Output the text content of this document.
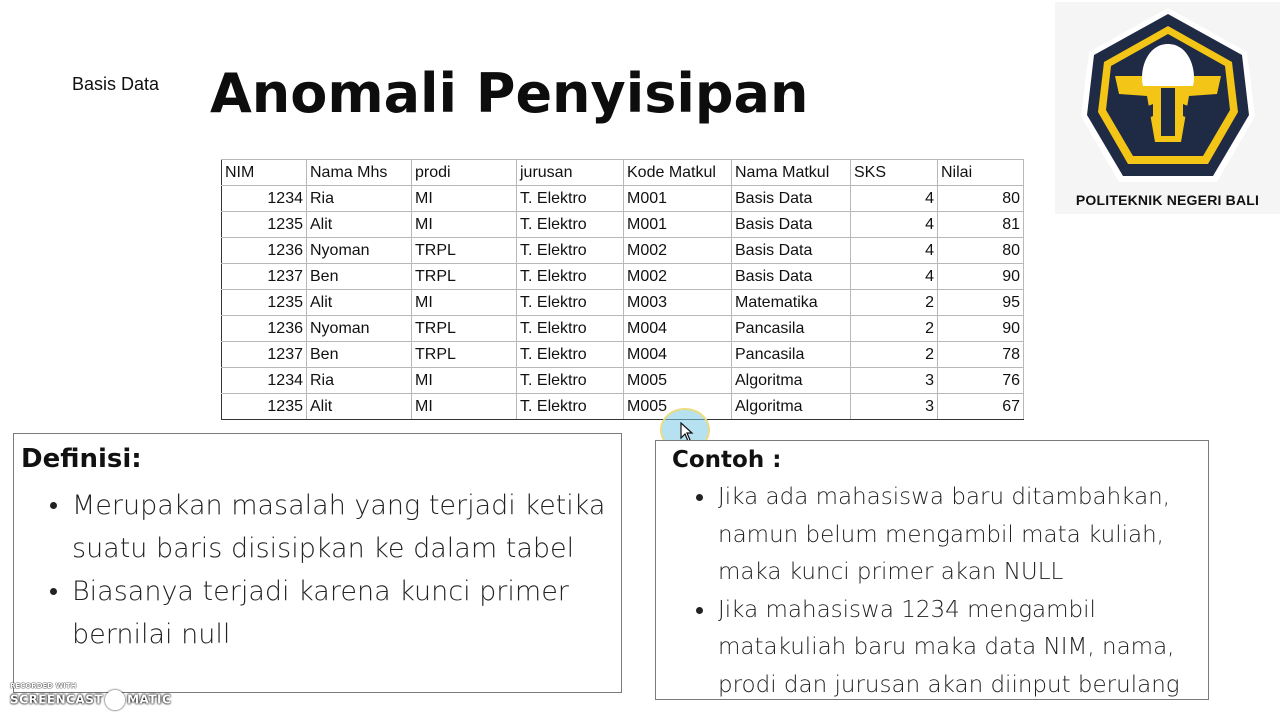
Basis Data Anomali Penyisipan
POLITEKNIK NEGERI BALI
NIM	Nama Mhs	prodi	jurusan	Kode Matkul	Nama Matkul	SKS	Nilai
1234	Ria	MI	T. Elektro	M001	Basis Data	4	80
1235	Alit	MI	T. Elektro	M001	Basis Data	4	81
1236	Nyoman	TRPL	T. Elektro	M002	Basis Data	4	80
1237	Ben	TRPL	T. Elektro	M002	Basis Data	4	90
1235	Alit	MI	T. Elektro	M003	Matematika	2	95
1236	Nyoman	TRPL	T. Elektro	M004	Pancasila	2	90
1237	Ben	TRPL	T. Elektro	M004	Pancasila	2	78
1234	Ria	MI	T. Elektro	M005	Algoritma	3	76
1235	Alit	MI	T. Elektro	M005	Algoritma	3	67
Definisi:
Merupakan masalah yang terjadi ketika suatu baris disisipkan ke dalam tabel
Biasanya terjadi karena kunci primer bernilai null
Contoh :
Jika ada mahasiswa baru ditambahkan, namun belum mengambil mata kuliah, maka kunci primer akan NULL
Jika mahasiswa 1234 mengambil matakuliah baru maka data NIM, nama, prodi dan jurusan akan diinput berulang
RECORDED WITH
SCREENCAST MATIC
